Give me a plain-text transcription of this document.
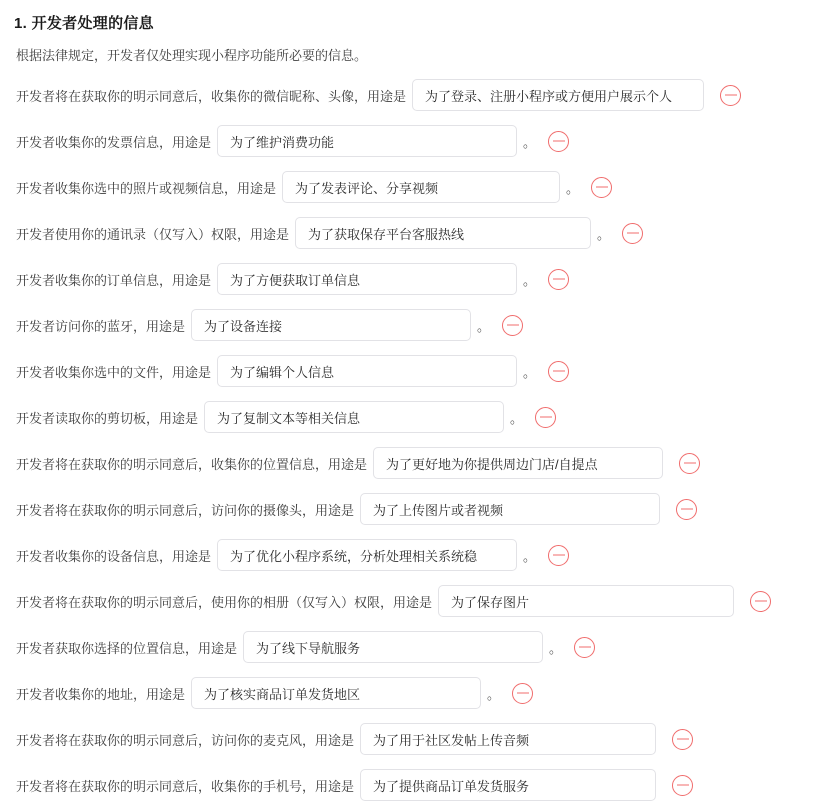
1. 开发者处理的信息
根据法律规定，开发者仅处理实现小程序功能所必要的信息。
开发者将在获取你的明示同意后，收集你的微信昵称、头像，用途是
为了登录、注册小程序或方便用户展示个人
开发者收集你的发票信息，用途是
为了维护消费功能	。
开发者收集你选中的照片或视频信息，用途是
为了发表评论、分享视频	。
开发者使用你的通讯录（仅写入）权限，用途是
为了获取保存平台客服热线	。
开发者收集你的订单信息，用途是
为了方便获取订单信息	。
开发者访问你的蓝牙，用途是
为了设备连接	。
开发者收集你选中的文件，用途是
为了编辑个人信息	。
开发者读取你的剪切板，用途是
为了复制文本等相关信息	。
开发者将在获取你的明示同意后，收集你的位置信息，用途是
为了更好地为你提供周边门店/自提点
开发者将在获取你的明示同意后，访问你的摄像头，用途是
为了上传图片或者视频
开发者收集你的设备信息，用途是
为了优化小程序系统，分析处理相关系统稳	。
开发者将在获取你的明示同意后，使用你的相册（仅写入）权限，用途是
为了保存图片
开发者获取你选择的位置信息，用途是
为了线下导航服务	。
开发者收集你的地址，用途是
为了核实商品订单发货地区	。
开发者将在获取你的明示同意后，访问你的麦克风，用途是
为了用于社区发帖上传音频
开发者将在获取你的明示同意后，收集你的手机号，用途是
为了提供商品订单发货服务
